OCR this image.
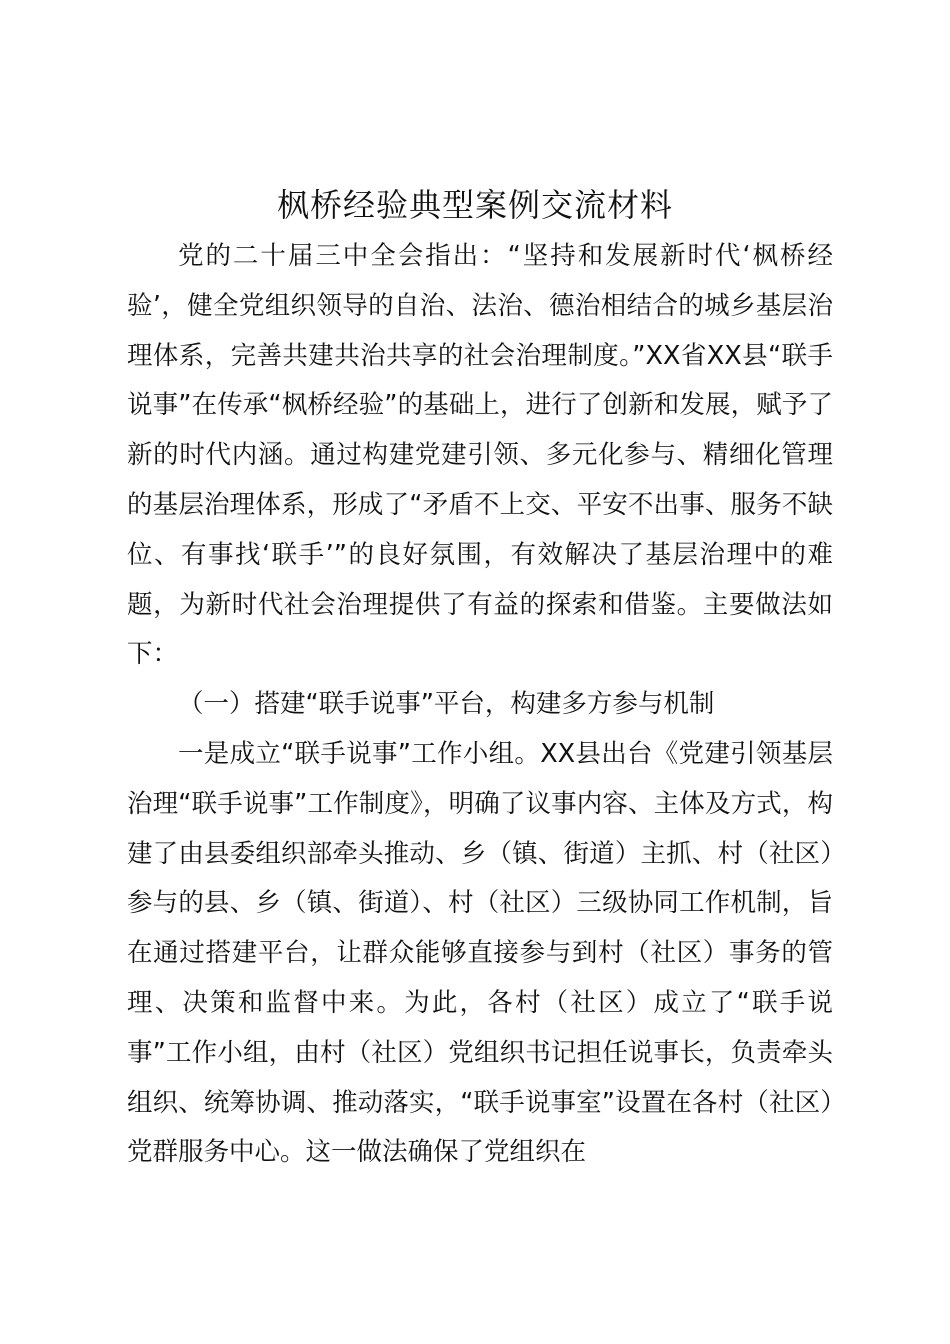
枫桥经验典型案例交流材料

党的二十届三中全会指出：“坚持和发展新时代‘枫桥经验’，健全党组织领导的自治、法治、德治相结合的城乡基层治理体系，完善共建共治共享的社会治理制度。”XX省XX县“联手说事”在传承“枫桥经验”的基础上，进行了创新和发展，赋予了新的时代内涵。通过构建党建引领、多元化参与、精细化管理的基层治理体系，形成了“矛盾不上交、平安不出事、服务不缺位、有事找‘联手’”的良好氛围，有效解决了基层治理中的难题，为新时代社会治理提供了有益的探索和借鉴。主要做法如下：

（一）搭建“联手说事”平台，构建多方参与机制

一是成立“联手说事”工作小组。XX县出台《党建引领基层治理“联手说事”工作制度》，明确了议事内容、主体及方式，构建了由县委组织部牵头推动、乡（镇、街道）主抓、村（社区）参与的县、乡（镇、街道）、村（社区）三级协同工作机制，旨在通过搭建平台，让群众能够直接参与到村（社区）事务的管理、决策和监督中来。为此，各村（社区）成立了“联手说事”工作小组，由村（社区）党组织书记担任说事长，负责牵头组织、统筹协调、推动落实，“联手说事室”设置在各村（社区）党群服务中心。这一做法确保了党组织在
